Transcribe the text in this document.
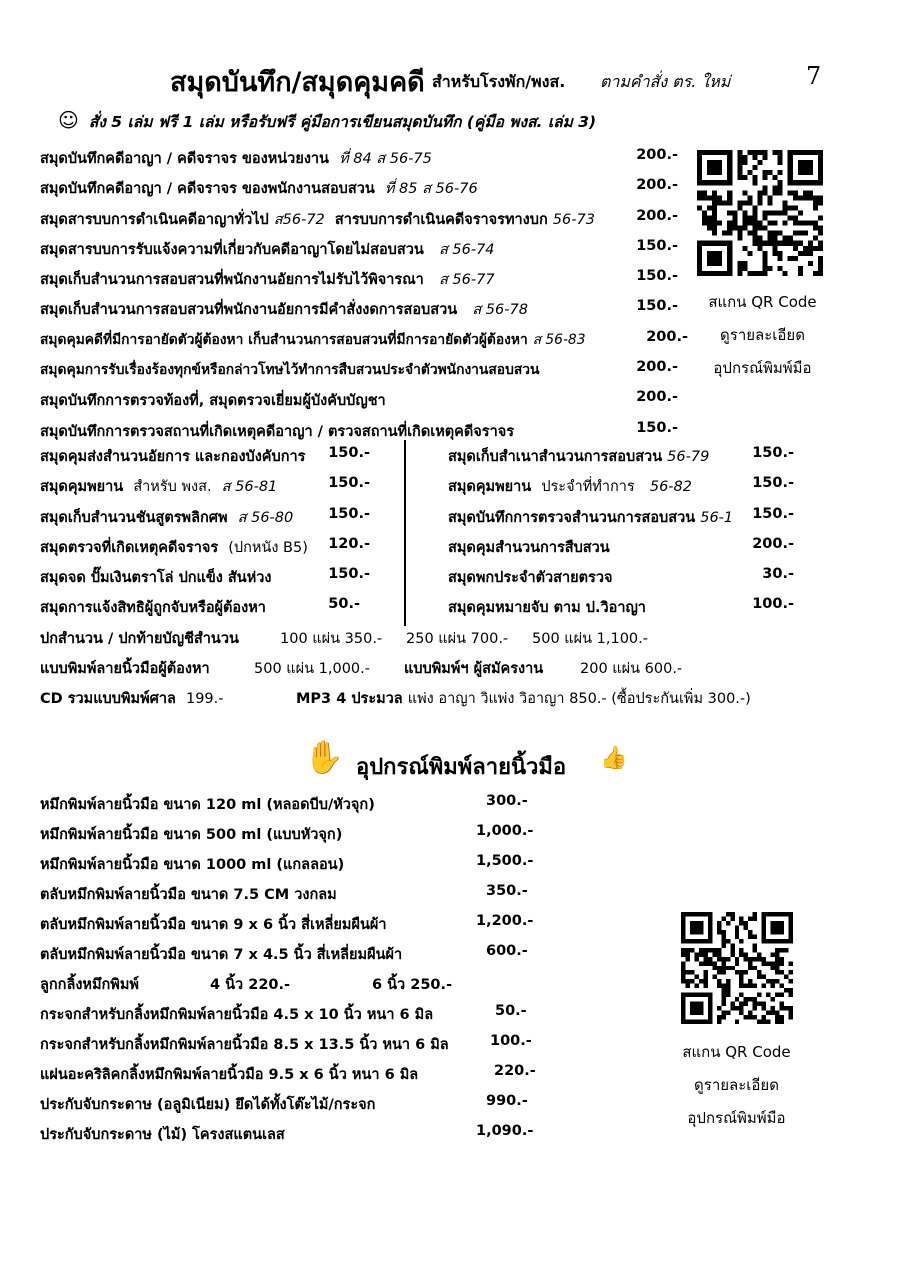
สมุดบันทึก/สมุดคุมคดี สำหรับโรงพัก/พงส. ตามคำสั่ง ตร. ใหม่	7
☺ สั่ง 5 เล่ม ฟรี 1 เล่ม หรือรับฟรี คู่มือการเขียนสมุดบันทึก (คู่มือ พงส. เล่ม 3)
สมุดบันทึกคดีอาญา / คดีจราจร ของหน่วยงาน ที่ 84 ส 56-75	200.-
สมุดบันทึกคดีอาญา / คดีจราจร ของพนักงานสอบสวน ที่ 85 ส 56-76	200.-
สมุดสารบบการดำเนินคดีอาญาทั่วไป ส56-72 สารบบการดำเนินคดีจราจรทางบก 56-73	200.-
สมุดสารบบการรับแจ้งความที่เกี่ยวกับคดีอาญาโดยไม่สอบสวน ส 56-74	150.-
สมุดเก็บสำนวนการสอบสวนที่พนักงานอัยการไม่รับไว้พิจารณา ส 56-77	150.-
สมุดเก็บสำนวนการสอบสวนที่พนักงานอัยการมีคำสั่งงดการสอบสวน ส 56-78	150.-
สมุดคุมคดีที่มีการอายัดตัวผู้ต้องหา เก็บสำนวนการสอบสวนที่มีการอายัดตัวผู้ต้องหา ส 56-83	200.-
สมุดคุมการรับเรื่องร้องทุกข์หรือกล่าวโทษไว้ทำการสืบสวนประจำตัวพนักงานสอบสวน	200.-
สมุดบันทึกการตรวจท้องที่, สมุดตรวจเยี่ยมผู้บังคับบัญชา	200.-
สมุดบันทึกการตรวจสถานที่เกิดเหตุคดีอาญา / ตรวจสถานที่เกิดเหตุคดีจราจร	150.-
สมุดคุมส่งสำนวนอัยการ และกองบังคับการ 150.-
สมุดคุมพยาน สำหรับ พงส. ส 56-81	150.-
สมุดเก็บสำนวนชันสูตรพลิกศพ ส 56-80 150.-
สมุดตรวจที่เกิดเหตุคดีจราจร (ปกหนัง B5) 120.-
สมุดจด ปั๊มเงินตราโล่ ปกแข็ง สันห่วง	150.-
สมุดการแจ้งสิทธิผู้ถูกจับหรือผู้ต้องหา	50.-
สมุดเก็บสำเนาสำนวนการสอบสวน 56-79	150.-
สมุดคุมพยาน ประจำที่ทำการ 56-82	150.-
สมุดบันทึกการตรวจสำนวนการสอบสวน 56-1 150.-
สมุดคุมสำนวนการสืบสวน	200.-
สมุดพกประจำตัวสายตรวจ	30.-
สมุดคุมหมายจับ ตาม ป.วิอาญา	100.-
ปกสำนวน / ปกท้ายบัญชีสำนวน	100 แผ่น 350.- 250 แผ่น 700.- 500 แผ่น 1,100.-
แบบพิมพ์ลายนิ้วมือผู้ต้องหา	500 แผ่น 1,000.- แบบพิมพ์ฯ ผู้สมัครงาน	200 แผ่น 600.-
CD รวมแบบพิมพ์ศาล 199.-	MP3 4 ประมวล แพ่ง อาญา วิแพ่ง วิอาญา 850.- (ซื้อประกันเพิ่ม 300.-)
สแกน QR Code
ดูรายละเอียด
อุปกรณ์พิมพ์มือ
✋ อุปกรณ์พิมพ์ลายนิ้วมือ 👍
หมึกพิมพ์ลายนิ้วมือ ขนาด 120 ml (หลอดบีบ/หัวจุก)	300.-
หมึกพิมพ์ลายนิ้วมือ ขนาด 500 ml (แบบหัวจุก)	1,000.-
หมึกพิมพ์ลายนิ้วมือ ขนาด 1000 ml (แกลลอน)	1,500.-
ตลับหมึกพิมพ์ลายนิ้วมือ ขนาด 7.5 CM วงกลม	350.-
ตลับหมึกพิมพ์ลายนิ้วมือ ขนาด 9 x 6 นิ้ว สี่เหลี่ยมผืนผ้า	1,200.-
ตลับหมึกพิมพ์ลายนิ้วมือ ขนาด 7 x 4.5 นิ้ว สี่เหลี่ยมผืนผ้า	600.-
ลูกกลิ้งหมึกพิมพ์	4 นิ้ว 220.-	6 นิ้ว 250.-
กระจกสำหรับกลิ้งหมึกพิมพ์ลายนิ้วมือ 4.5 x 10 นิ้ว หนา 6 มิล	50.-
กระจกสำหรับกลิ้งหมึกพิมพ์ลายนิ้วมือ 8.5 x 13.5 นิ้ว หนา 6 มิล	100.-
แผ่นอะคริลิคกลิ้งหมึกพิมพ์ลายนิ้วมือ 9.5 x 6 นิ้ว หนา 6 มิล	220.-
ประกับจับกระดาษ (อลูมิเนียม) ยึดได้ทั้งโต๊ะไม้/กระจก	990.-
ประกับจับกระดาษ (ไม้) โครงสแตนเลส	1,090.-
สแกน QR Code
ดูรายละเอียด
อุปกรณ์พิมพ์มือ
